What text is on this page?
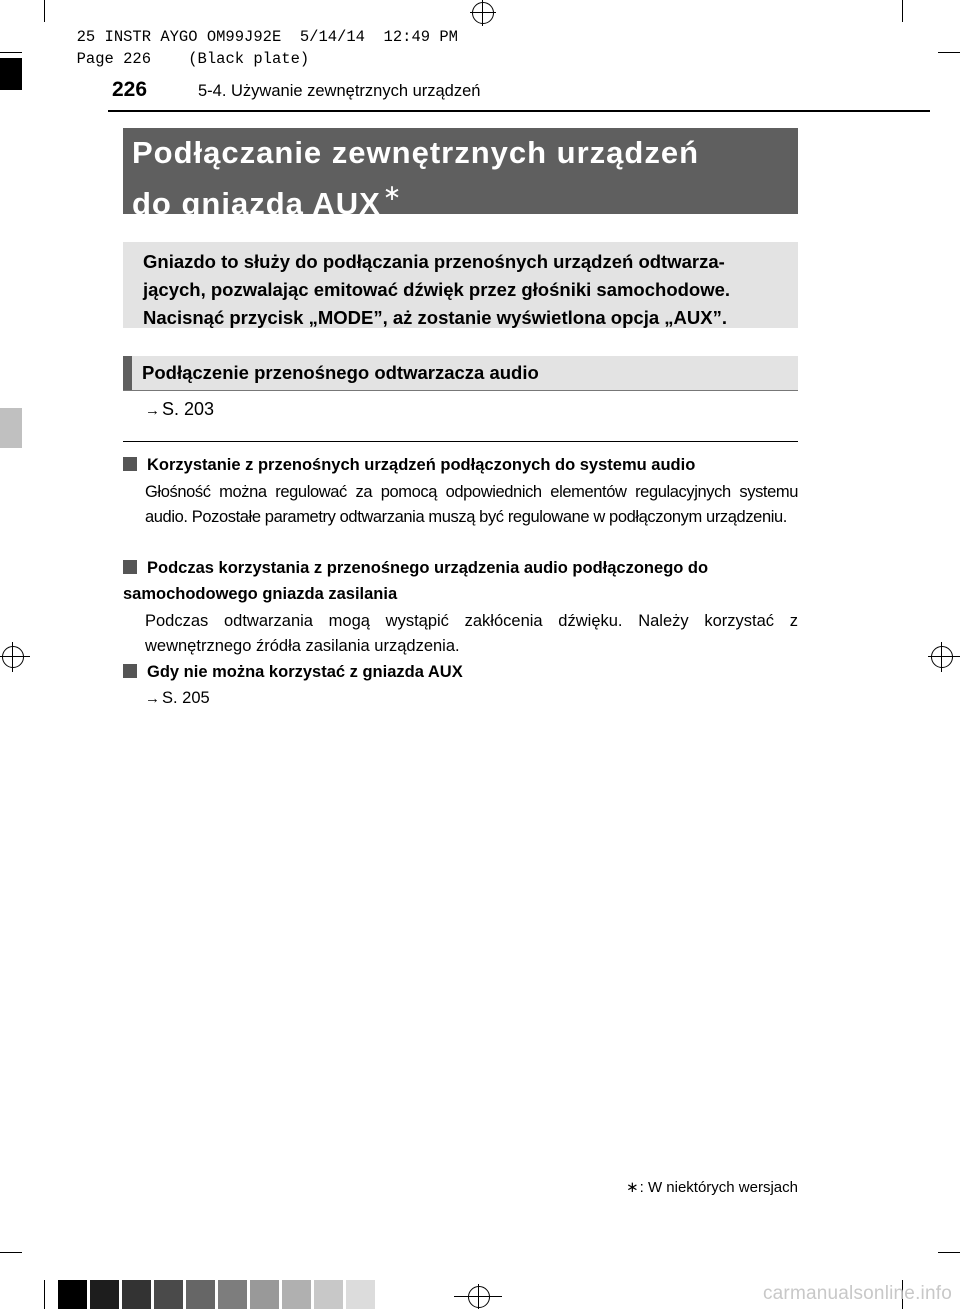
25 INSTR AYGO OM99J92E  5/14/14  12:49 PM
Page 226 (Black plate)

226	5-4. Używanie zewnętrznych urządzeń
Podłączanie zewnętrznych urządzeń
do gniazda AUX∗
Gniazdo to służy do podłączania przenośnych urządzeń odtwarza-
jących, pozwalając emitować dźwięk przez głośniki samochodowe.
Nacisnąć przycisk „MODE”, aż zostanie wyświetlona opcja „AUX”.
Podłączenie przenośnego odtwarzacza audio
→ S. 203
Korzystanie z przenośnych urządzeń podłączonych do systemu audio
Głośność można regulować za pomocą odpowiednich elementów regulacyjnych systemu audio. Pozostałe parametry odtwarzania muszą być regulowane w podłączonym urządzeniu.
Podczas korzystania z przenośnego urządzenia audio podłączonego do samochodowego gniazda zasilania
Podczas odtwarzania mogą wystąpić zakłócenia dźwięku. Należy korzystać z wewnętrznego źródła zasilania urządzenia.
Gdy nie można korzystać z gniazda AUX
→ S. 205
∗: W niektórych wersjach
carmanualsonline.info
